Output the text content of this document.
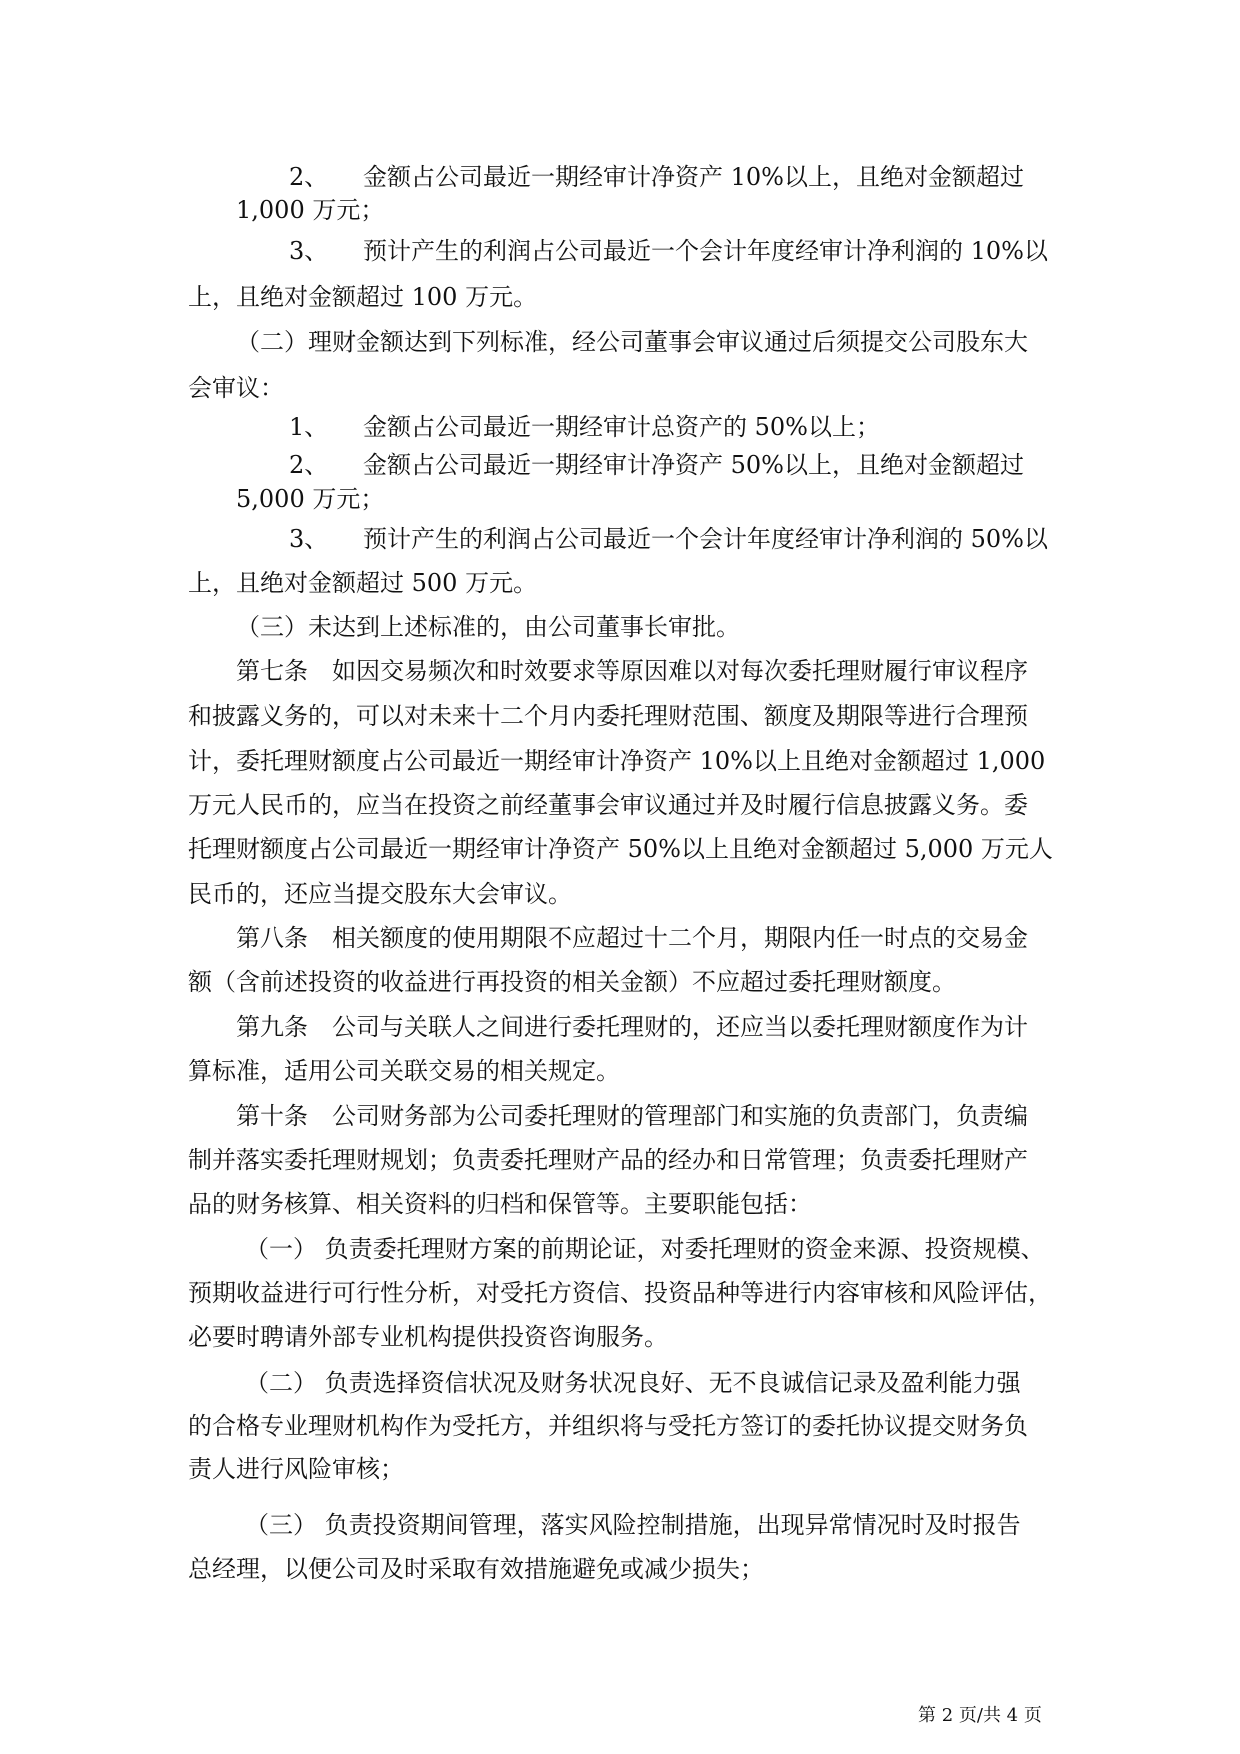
2、 金额占公司最近一期经审计净资产 10%以上，且绝对金额超过
1,000 万元；
3、 预计产生的利润占公司最近一个会计年度经审计净利润的 10%以
上，且绝对金额超过 100 万元。
（二）理财金额达到下列标准，经公司董事会审议通过后须提交公司股东大
会审议：
1、 金额占公司最近一期经审计总资产的 50%以上；
2、 金额占公司最近一期经审计净资产 50%以上，且绝对金额超过
5,000 万元；
3、 预计产生的利润占公司最近一个会计年度经审计净利润的 50%以
上，且绝对金额超过 500 万元。
（三）未达到上述标准的，由公司董事长审批。
第七条　如因交易频次和时效要求等原因难以对每次委托理财履行审议程序
和披露义务的，可以对未来十二个月内委托理财范围、额度及期限等进行合理预
计，委托理财额度占公司最近一期经审计净资产 10%以上且绝对金额超过 1,000
万元人民币的，应当在投资之前经董事会审议通过并及时履行信息披露义务。委
托理财额度占公司最近一期经审计净资产 50%以上且绝对金额超过 5,000 万元人
民币的，还应当提交股东大会审议。
第八条　相关额度的使用期限不应超过十二个月，期限内任一时点的交易金
额（含前述投资的收益进行再投资的相关金额）不应超过委托理财额度。
第九条　公司与关联人之间进行委托理财的，还应当以委托理财额度作为计
算标准，适用公司关联交易的相关规定。
第十条　公司财务部为公司委托理财的管理部门和实施的负责部门，负责编
制并落实委托理财规划；负责委托理财产品的经办和日常管理；负责委托理财产
品的财务核算、相关资料的归档和保管等。主要职能包括：
（一） 负责委托理财方案的前期论证，对委托理财的资金来源、投资规模、
预期收益进行可行性分析，对受托方资信、投资品种等进行内容审核和风险评估，
必要时聘请外部专业机构提供投资咨询服务。
（二） 负责选择资信状况及财务状况良好、无不良诚信记录及盈利能力强
的合格专业理财机构作为受托方，并组织将与受托方签订的委托协议提交财务负
责人进行风险审核；
（三） 负责投资期间管理，落实风险控制措施，出现异常情况时及时报告
总经理，以便公司及时采取有效措施避免或减少损失；
第 2 页/共 4 页
